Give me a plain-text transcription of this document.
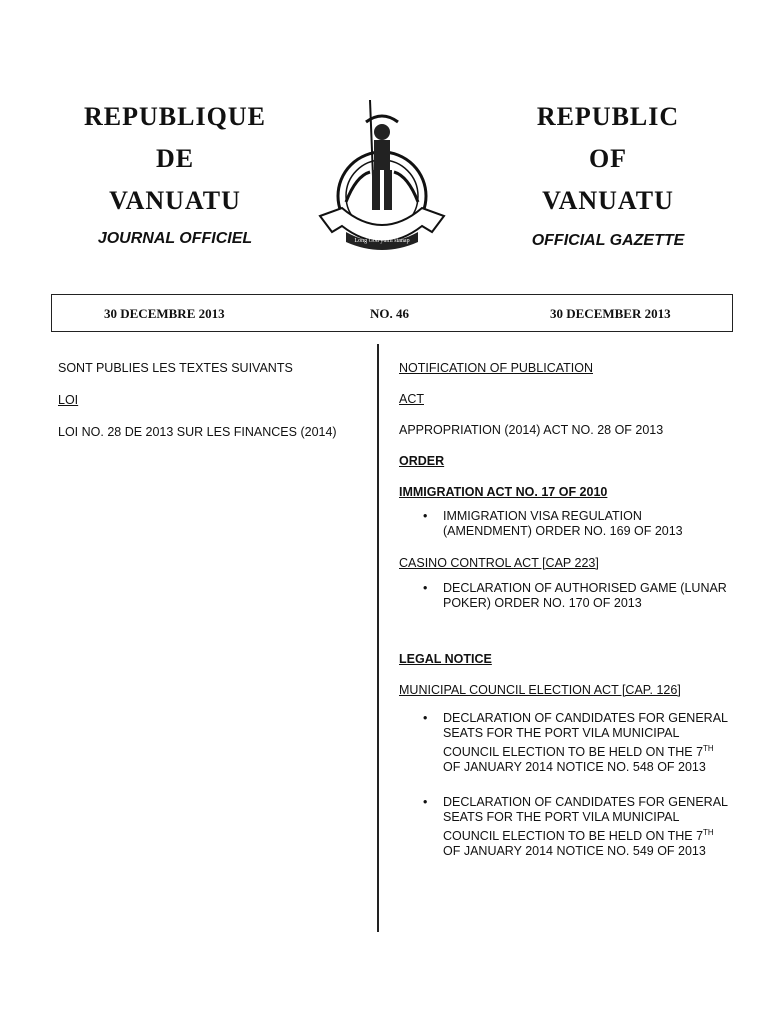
REPUBLIQUE
DE
VANUATU
JOURNAL OFFICIEL	Long God yumi stanap
REPUBLIC
OF
VANUATU
OFFICIAL GAZETTE
30 DECEMBRE 2013	NO. 46	30 DECEMBER 2013
SONT PUBLIES LES TEXTES SUIVANTS
LOI
LOI NO. 28 DE 2013 SUR LES FINANCES (2014)
NOTIFICATION OF PUBLICATION
ACT
APPROPRIATION (2014) ACT NO. 28 OF 2013
ORDER
IMMIGRATION ACT NO. 17 OF 2010
• IMMIGRATION VISA REGULATION (AMENDMENT) ORDER NO. 169 OF 2013
CASINO CONTROL ACT [CAP 223]
• DECLARATION OF AUTHORISED GAME (LUNAR POKER) ORDER NO. 170 OF 2013
LEGAL NOTICE
MUNICIPAL COUNCIL ELECTION ACT [CAP. 126]
• DECLARATION OF CANDIDATES FOR GENERAL SEATS FOR THE PORT VILA MUNICIPAL COUNCIL ELECTION TO BE HELD ON THE 7TH OF JANUARY 2014 NOTICE NO. 548 OF 2013
• DECLARATION OF CANDIDATES FOR GENERAL SEATS FOR THE PORT VILA MUNICIPAL COUNCIL ELECTION TO BE HELD ON THE 7TH OF JANUARY 2014 NOTICE NO. 549 OF 2013
